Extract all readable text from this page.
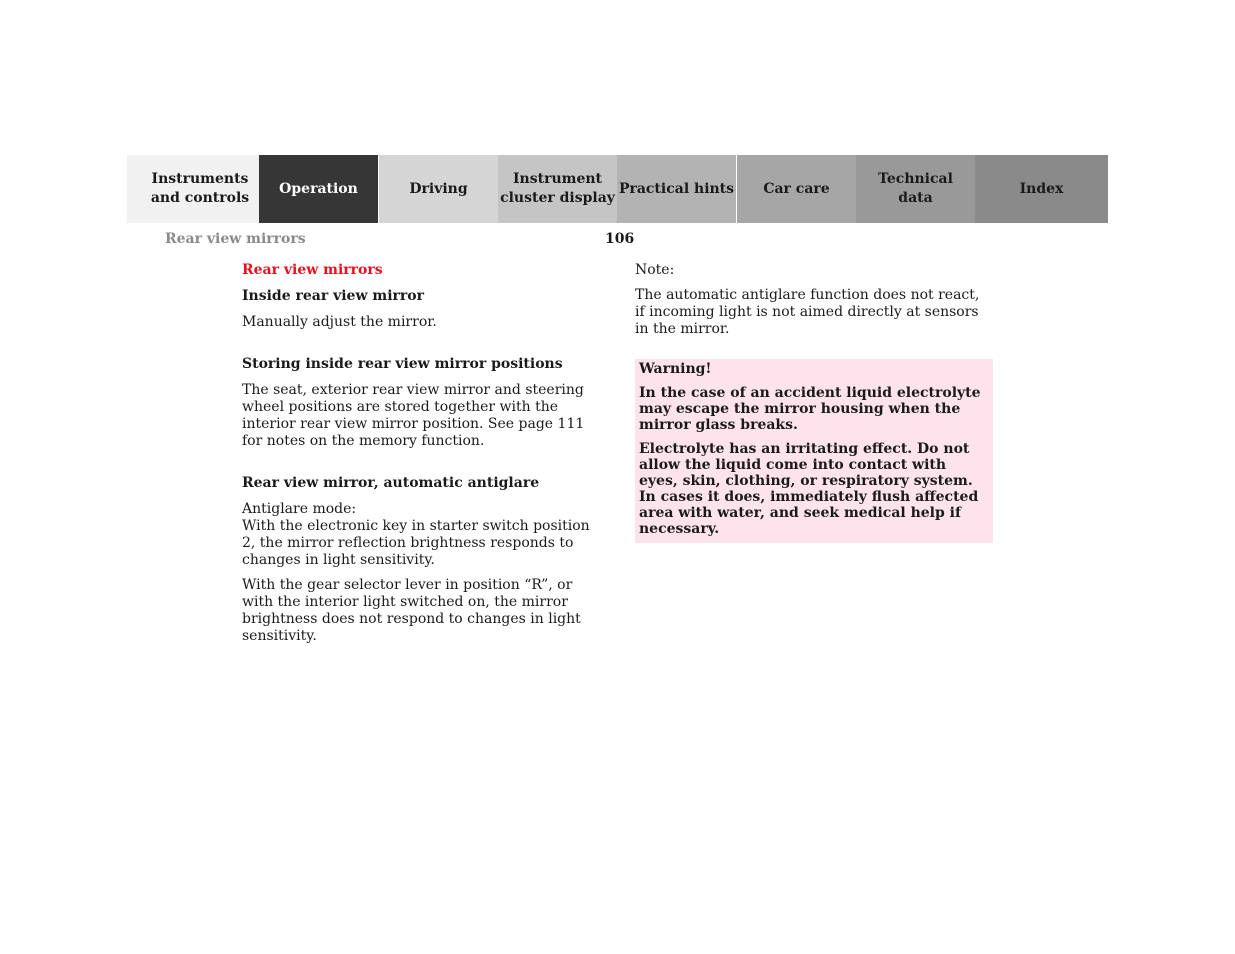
Instruments
and controls
Operation	Driving
Instrument
cluster display
Practical hints Car care
Technical
data
Index
Rear view mirrors	106
Rear view mirrors
Inside rear view mirror

Manually adjust the mirror.

Storing inside rear view mirror positions

The seat, exterior rear view mirror and steering wheel positions are stored together with the interior rear view mirror position. See page 111 for notes on the memory function.

Rear view mirror, automatic antiglare

Antiglare mode:
With the electronic key in starter switch position 2, the mirror reflection brightness responds to changes in light sensitivity.

With the gear selector lever in position “R”, or with the interior light switched on, the mirror brightness does not respond to changes in light sensitivity.

Note:

The automatic antiglare function does not react, if incoming light is not aimed directly at sensors in the mirror.

Warning!

In the case of an accident liquid electrolyte may escape the mirror housing when the mirror glass breaks.

Electrolyte has an irritating effect. Do not allow the liquid come into contact with eyes, skin, clothing, or respiratory system. In cases it does, immediately flush affected area with water, and seek medical help if necessary.
